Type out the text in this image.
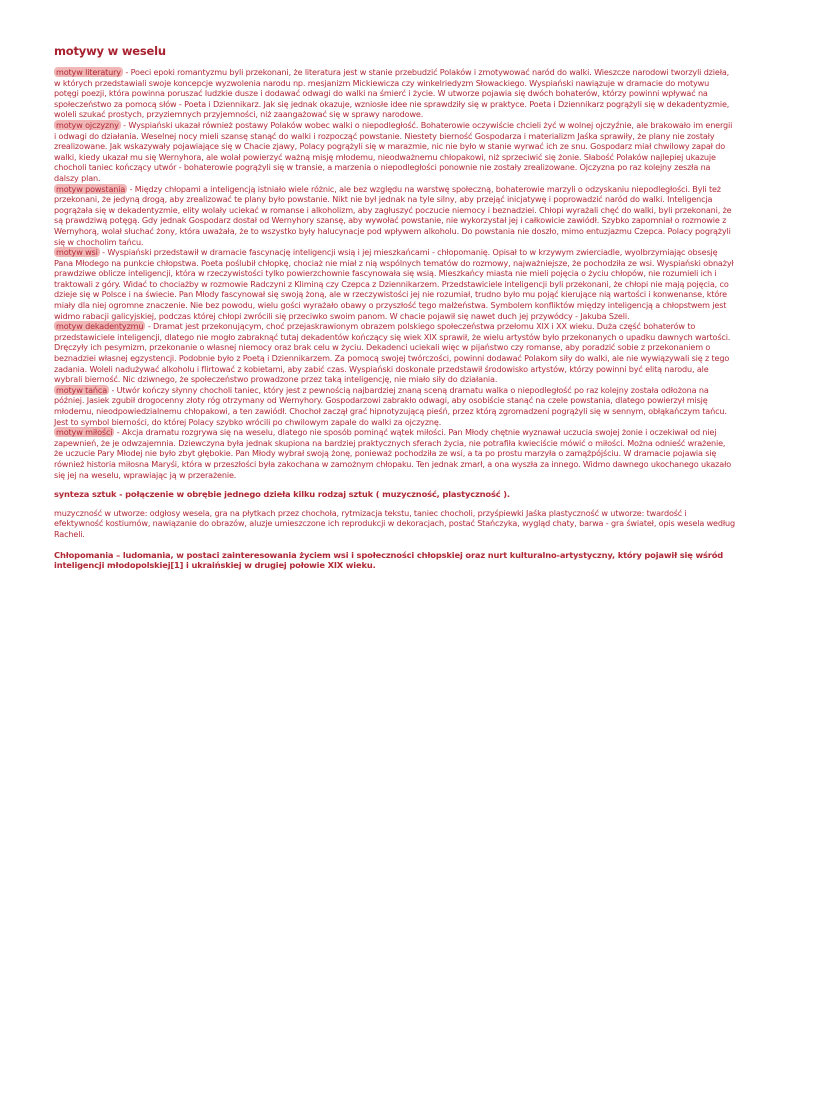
motywy w weselu

motyw literatury - Poeci epoki romantyzmu byli przekonani, że literatura jest w stanie przebudzić Polaków i zmotywować naród do walki. Wieszcze narodowi tworzyli dzieła, w których przedstawiali swoje koncepcje wyzwolenia narodu np. mesjanizm Mickiewicza czy winkelriedyzm Słowackiego. Wyspiański nawiązuje w dramacie do motywu potęgi poezji, która powinna poruszać ludzkie dusze i dodawać odwagi do walki na śmierć i życie. W utworze pojawia się dwóch bohaterów, którzy powinni wpływać na społeczeństwo za pomocą słów - Poeta i Dziennikarz. Jak się jednak okazuje, wzniosłe idee nie sprawdziły się w praktyce. Poeta i Dziennikarz pogrążyli się w dekadentyzmie, woleli szukać prostych, przyziemnych przyjemności, niż zaangażować się w sprawy narodowe.

motyw ojczyzny - Wyspiański ukazał również postawy Polaków wobec walki o niepodległość. Bohaterowie oczywiście chcieli żyć w wolnej ojczyźnie, ale brakowało im energii i odwagi do działania. Weselnej nocy mieli szansę stanąć do walki i rozpocząć powstanie. Niestety bierność Gospodarza i materializm Jaśka sprawiły, że plany nie zostały zrealizowane. Jak wskazywały pojawiające się w Chacie zjawy, Polacy pogrążyli się w marazmie, nic nie było w stanie wyrwać ich ze snu. Gospodarz miał chwilowy zapał do walki, kiedy ukazał mu się Wernyhora, ale wolał powierzyć ważną misję młodemu, nieodważnemu chłopakowi, niż sprzeciwić się żonie. Słabość Polaków najlepiej ukazuje chocholi taniec kończący utwór - bohaterowie pogrążyli się w transie, a marzenia o niepodległości ponownie nie zostały zrealizowane. Ojczyzna po raz kolejny zeszła na dalszy plan.

motyw powstania - Między chłopami a inteligencją istniało wiele różnic, ale bez względu na warstwę społeczną, bohaterowie marzyli o odzyskaniu niepodległości. Byli też przekonani, że jedyną drogą, aby zrealizować te plany było powstanie. Nikt nie był jednak na tyle silny, aby przejąć inicjatywę i poprowadzić naród do walki. Inteligencja pogrążała się w dekadentyzmie, elity wolały uciekać w romanse i alkoholizm, aby zagłuszyć poczucie niemocy i beznadziei. Chłopi wyrażali chęć do walki, byli przekonani, że są prawdziwą potęgą. Gdy jednak Gospodarz dostał od Wernyhory szansę, aby wywołać powstanie, nie wykorzystał jej i całkowicie zawiódł. Szybko zapomniał o rozmowie z Wernyhorą, wolał słuchać żony, która uważała, że to wszystko były halucynacje pod wpływem alkoholu. Do powstania nie doszło, mimo entuzjazmu Czepca. Polacy pogrążyli się w chocholim tańcu.

motyw wsi - Wyspiański przedstawił w dramacie fascynację inteligencji wsią i jej mieszkańcami - chłopomanię. Opisał to w krzywym zwierciadle, wyolbrzymiając obsesję Pana Młodego na punkcie chłopstwa. Poeta poślubił chłopkę, chociaż nie miał z nią wspólnych tematów do rozmowy, najważniejsze, że pochodziła ze wsi. Wyspiański obnażył prawdziwe oblicze inteligencji, która w rzeczywistości tylko powierzchownie fascynowała się wsią. Mieszkańcy miasta nie mieli pojęcia o życiu chłopów, nie rozumieli ich i traktowali z góry. Widać to chociażby w rozmowie Radczyni z Kliminą czy Czepca z Dziennikarzem. Przedstawiciele inteligencji byli przekonani, że chłopi nie mają pojęcia, co dzieje się w Polsce i na świecie. Pan Młody fascynował się swoją żoną, ale w rzeczywistości jej nie rozumiał, trudno było mu pojąć kierujące nią wartości i konwenanse, które miały dla niej ogromne znaczenie. Nie bez powodu, wielu gości wyrażało obawy o przyszłość tego małżeństwa. Symbolem konfliktów między inteligencją a chłopstwem jest widmo rabacji galicyjskiej, podczas której chłopi zwrócili się przeciwko swoim panom. W chacie pojawił się nawet duch jej przywódcy - Jakuba Szeli.

motyw dekadentyzmu - Dramat jest przekonującym, choć przejaskrawionym obrazem polskiego społeczeństwa przełomu XIX i XX wieku. Duża część bohaterów to przedstawiciele inteligencji, dlatego nie mogło zabraknąć tutaj dekadentów kończący się wiek XIX sprawił, że wielu artystów było przekonanych o upadku dawnych wartości. Dręczyły ich pesymizm, przekonanie o własnej niemocy oraz brak celu w życiu. Dekadenci uciekali więc w pijaństwo czy romanse, aby poradzić sobie z przekonaniem o beznadziei własnej egzystencji. Podobnie było z Poetą i Dziennikarzem. Za pomocą swojej twórczości, powinni dodawać Polakom siły do walki, ale nie wywiązywali się z tego zadania. Woleli nadużywać alkoholu i flirtować z kobietami, aby zabić czas. Wyspiański doskonale przedstawił środowisko artystów, którzy powinni być elitą narodu, ale wybrali bierność. Nic dziwnego, że społeczeństwo prowadzone przez taką inteligencję, nie miało siły do działania.

motyw tańca - Utwór kończy słynny chocholi taniec, który jest z pewnością najbardziej znaną sceną dramatu walka o niepodległość po raz kolejny została odłożona na później. Jasiek zgubił drogocenny złoty róg otrzymany od Wernyhory. Gospodarzowi zabrakło odwagi, aby osobiście stanąć na czele powstania, dlatego powierzył misję młodemu, nieodpowiedzialnemu chłopakowi, a ten zawiódł. Chochoł zaczął grać hipnotyzującą pieśń, przez którą zgromadzeni pogrążyli się w sennym, obłąkańczym tańcu. Jest to symbol bierności, do której Polacy szybko wrócili po chwilowym zapale do walki za ojczyznę.

motyw miłości - Akcja dramatu rozgrywa się na weselu, dlatego nie sposób pominąć wątek miłości. Pan Młody chętnie wyznawał uczucia swojej żonie i oczekiwał od niej zapewnień, że je odwzajemnia. Dziewczyna była jednak skupiona na bardziej praktycznych sferach życia, nie potrafiła kwieciście mówić o miłości. Można odnieść wrażenie, że uczucie Pary Młodej nie było zbyt głębokie. Pan Młody wybrał swoją żonę, ponieważ pochodziła ze wsi, a ta po prostu marzyła o zamążpójściu. W dramacie pojawia się również historia miłosna Maryśi, która w przeszłości była zakochana w zamożnym chłopaku. Ten jednak zmarł, a ona wyszła za innego. Widmo dawnego ukochanego ukazało się jej na weselu, wprawiając ją w przerażenie.

synteza sztuk - połączenie w obrębie jednego dzieła kilku rodzaj sztuk ( muzyczność, plastyczność ).

muzyczność w utworze: odgłosy wesela, gra na płytkach przez chochoła, rytmizacja tekstu, taniec chocholi, przyśpiewki Jaśka plastyczność w utworze: twardość i efektywność kostiumów, nawiązanie do obrazów, aluzje umieszczone ich reprodukcji w dekoracjach, postać Stańczyka, wygląd chaty, barwa - gra świateł, opis wesela według Racheli.

Chłopomania – ludomania, w postaci zainteresowania życiem wsi i społeczności chłopskiej oraz nurt kulturalno-artystyczny, który pojawił się wśród inteligencji młodopolskiej[1] i ukraińskiej w drugiej połowie XIX wieku.
